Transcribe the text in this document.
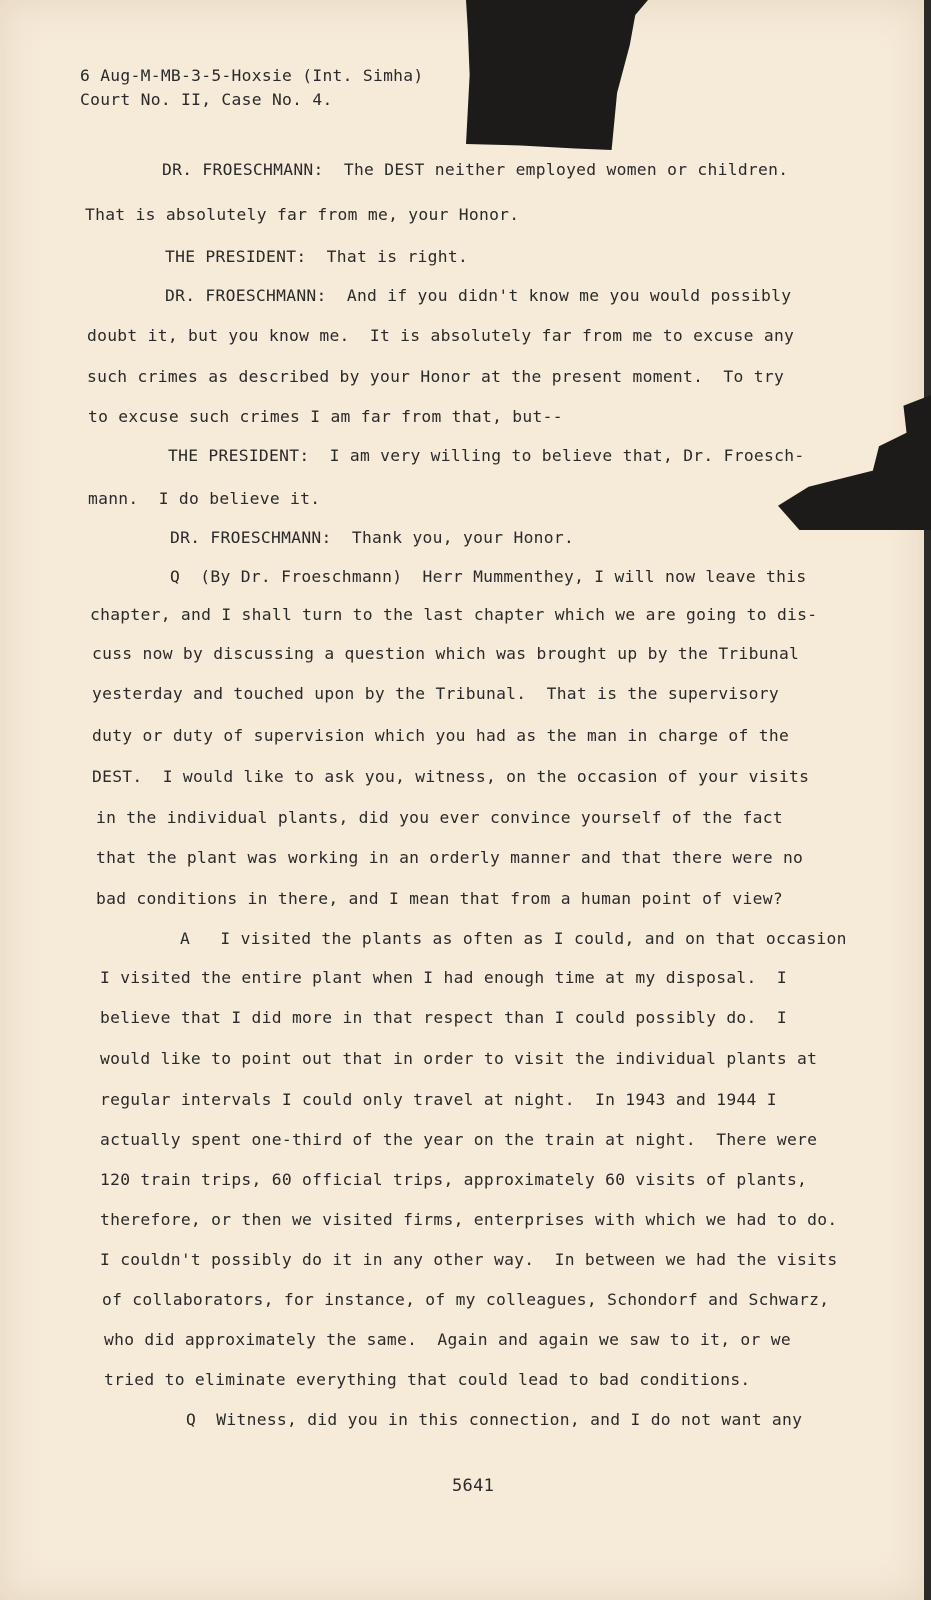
6 Aug-M-MB-3-5-Hoxsie (Int. Simha)
Court No. II, Case No. 4.
DR. FROESCHMANN:  The DEST neither employed women or children.
That is absolutely far from me, your Honor.
THE PRESIDENT:  That is right.
DR. FROESCHMANN:  And if you didn't know me you would possibly
doubt it, but you know me.  It is absolutely far from me to excuse any
such crimes as described by your Honor at the present moment.  To try
to excuse such crimes I am far from that, but--
THE PRESIDENT:  I am very willing to believe that, Dr. Froesch-
mann.  I do believe it.
DR. FROESCHMANN:  Thank you, your Honor.
Q  (By Dr. Froeschmann)  Herr Mummenthey, I will now leave this
chapter, and I shall turn to the last chapter which we are going to dis-
cuss now by discussing a question which was brought up by the Tribunal
yesterday and touched upon by the Tribunal.  That is the supervisory
duty or duty of supervision which you had as the man in charge of the
DEST.  I would like to ask you, witness, on the occasion of your visits
in the individual plants, did you ever convince yourself of the fact
that the plant was working in an orderly manner and that there were no
bad conditions in there, and I mean that from a human point of view?
A   I visited the plants as often as I could, and on that occasion
I visited the entire plant when I had enough time at my disposal.  I
believe that I did more in that respect than I could possibly do.  I
would like to point out that in order to visit the individual plants at
regular intervals I could only travel at night.  In 1943 and 1944 I
actually spent one-third of the year on the train at night.  There were
120 train trips, 60 official trips, approximately 60 visits of plants,
therefore, or then we visited firms, enterprises with which we had to do.
I couldn't possibly do it in any other way.  In between we had the visits
of collaborators, for instance, of my colleagues, Schondorf and Schwarz,
who did approximately the same.  Again and again we saw to it, or we
tried to eliminate everything that could lead to bad conditions.
Q  Witness, did you in this connection, and I do not want any
5641
